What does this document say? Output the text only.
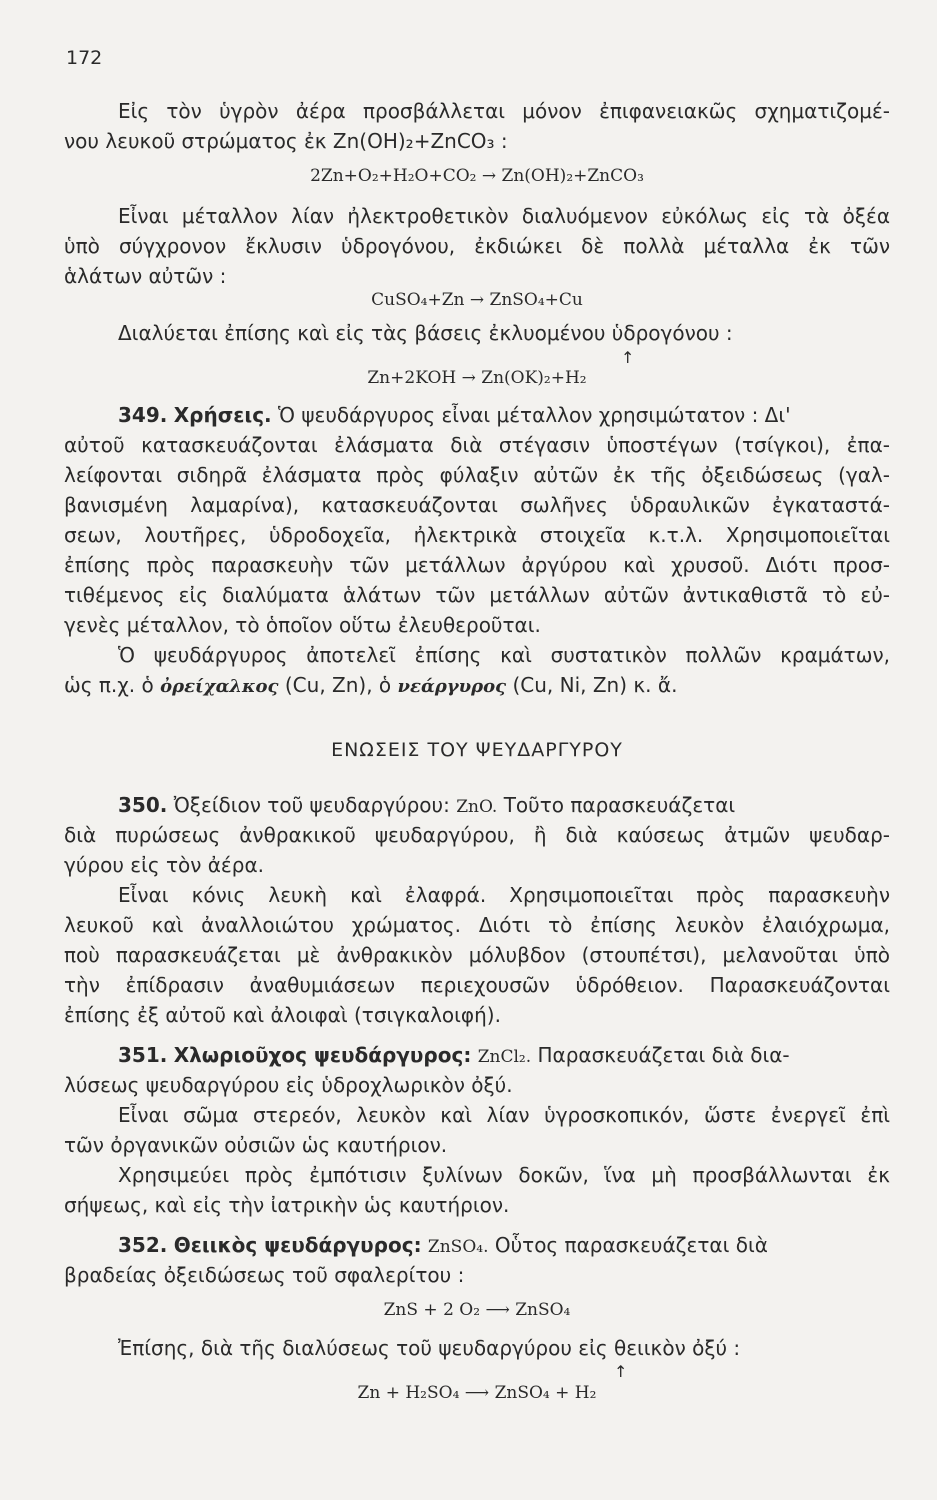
172

Εἰς τὸν ὑγρὸν ἀέρα προσβάλλεται μόνον ἐπιφανειακῶς σχηματιζομέ-

νου λευκοῦ στρώματος ἐκ Zn(OH)₂+ZnCO₃ :

2Zn+O₂+H₂O+CO₂ → Zn(OH)₂+ZnCO₃

Εἶναι μέταλλον λίαν ἠλεκτροθετικὸν διαλυόμενον εὐκόλως εἰς τὰ ὀξέα

ὑπὸ σύγχρονον ἔκλυσιν ὑδρογόνου, ἐκδιώκει δὲ πολλὰ μέταλλα ἐκ τῶν

ἁλάτων αὐτῶν :

CuSO₄+Zn → ZnSO₄+Cu

Διαλύεται ἐπίσης καὶ εἰς τὰς βάσεις ἐκλυομένου ὑδρογόνου :

↑

Zn+2KOH → Zn(OK)₂+H₂

349. Χρήσεις. Ὁ ψευδάργυρος εἶναι μέταλλον χρησιμώτατον : Δι'

αὐτοῦ κατασκευάζονται ἐλάσματα διὰ στέγασιν ὑποστέγων (τσίγκοι), ἐπα-

λείφονται σιδηρᾶ ἐλάσματα πρὸς φύλαξιν αὐτῶν ἐκ τῆς ὀξειδώσεως (γαλ-

βανισμένη λαμαρίνα), κατασκευάζονται σωλῆνες ὑδραυλικῶν ἐγκαταστά-

σεων, λουτῆρες, ὑδροδοχεῖα, ἠλεκτρικὰ στοιχεῖα κ.τ.λ. Χρησιμοποιεῖται

ἐπίσης πρὸς παρασκευὴν τῶν μετάλλων ἀργύρου καὶ χρυσοῦ. Διότι προσ-

τιθέμενος εἰς διαλύματα ἁλάτων τῶν μετάλλων αὐτῶν ἀντικαθιστᾶ τὸ εὐ-

γενὲς μέταλλον, τὸ ὁποῖον οὕτω ἐλευθεροῦται.

Ὁ ψευδάργυρος ἀποτελεῖ ἐπίσης καὶ συστατικὸν πολλῶν κραμάτων,

ὡς π.χ. ὁ ὀρείχαλκος (Cu, Zn), ὁ νεάργυρος (Cu, Ni, Zn) κ. ἄ.

ΕΝΩΣΕΙΣ ΤΟΥ ΨΕΥΔΑΡΓΥΡΟΥ

350. Ὀξείδιον τοῦ ψευδαργύρου: ZnO. Τοῦτο παρασκευάζεται

διὰ πυρώσεως ἀνθρακικοῦ ψευδαργύρου, ἢ διὰ καύσεως ἀτμῶν ψευδαρ-

γύρου εἰς τὸν ἀέρα.

Εἶναι κόνις λευκὴ καὶ ἐλαφρά. Χρησιμοποιεῖται πρὸς παρασκευὴν

λευκοῦ καὶ ἀναλλοιώτου χρώματος. Διότι τὸ ἐπίσης λευκὸν ἐλαιόχρωμα,

ποὺ παρασκευάζεται μὲ ἀνθρακικὸν μόλυβδον (στουπέτσι), μελανοῦται ὑπὸ

τὴν ἐπίδρασιν ἀναθυμιάσεων περιεχουσῶν ὑδρόθειον. Παρασκευάζονται

ἐπίσης ἐξ αὐτοῦ καὶ ἀλοιφαὶ (τσιγκαλοιφή).

351. Χλωριοῦχος ψευδάργυρος: ZnCl₂. Παρασκευάζεται διὰ δια-

λύσεως ψευδαργύρου εἰς ὑδροχλωρικὸν ὀξύ.

Εἶναι σῶμα στερεόν, λευκὸν καὶ λίαν ὑγροσκοπικόν, ὥστε ἐνεργεῖ ἐπὶ

τῶν ὀργανικῶν οὐσιῶν ὡς καυτήριον.

Χρησιμεύει πρὸς ἐμπότισιν ξυλίνων δοκῶν, ἵνα μὴ προσβάλλωνται ἐκ

σήψεως, καὶ εἰς τὴν ἰατρικὴν ὡς καυτήριον.

352. Θειικὸς ψευδάργυρος: ZnSO₄. Οὗτος παρασκευάζεται διὰ

βραδείας ὀξειδώσεως τοῦ σφαλερίτου :

ZnS + 2 O₂ ⟶ ZnSO₄

Ἐπίσης, διὰ τῆς διαλύσεως τοῦ ψευδαργύρου εἰς θειικὸν ὀξύ :

↑

Zn + H₂SO₄ ⟶ ZnSO₄ + H₂
